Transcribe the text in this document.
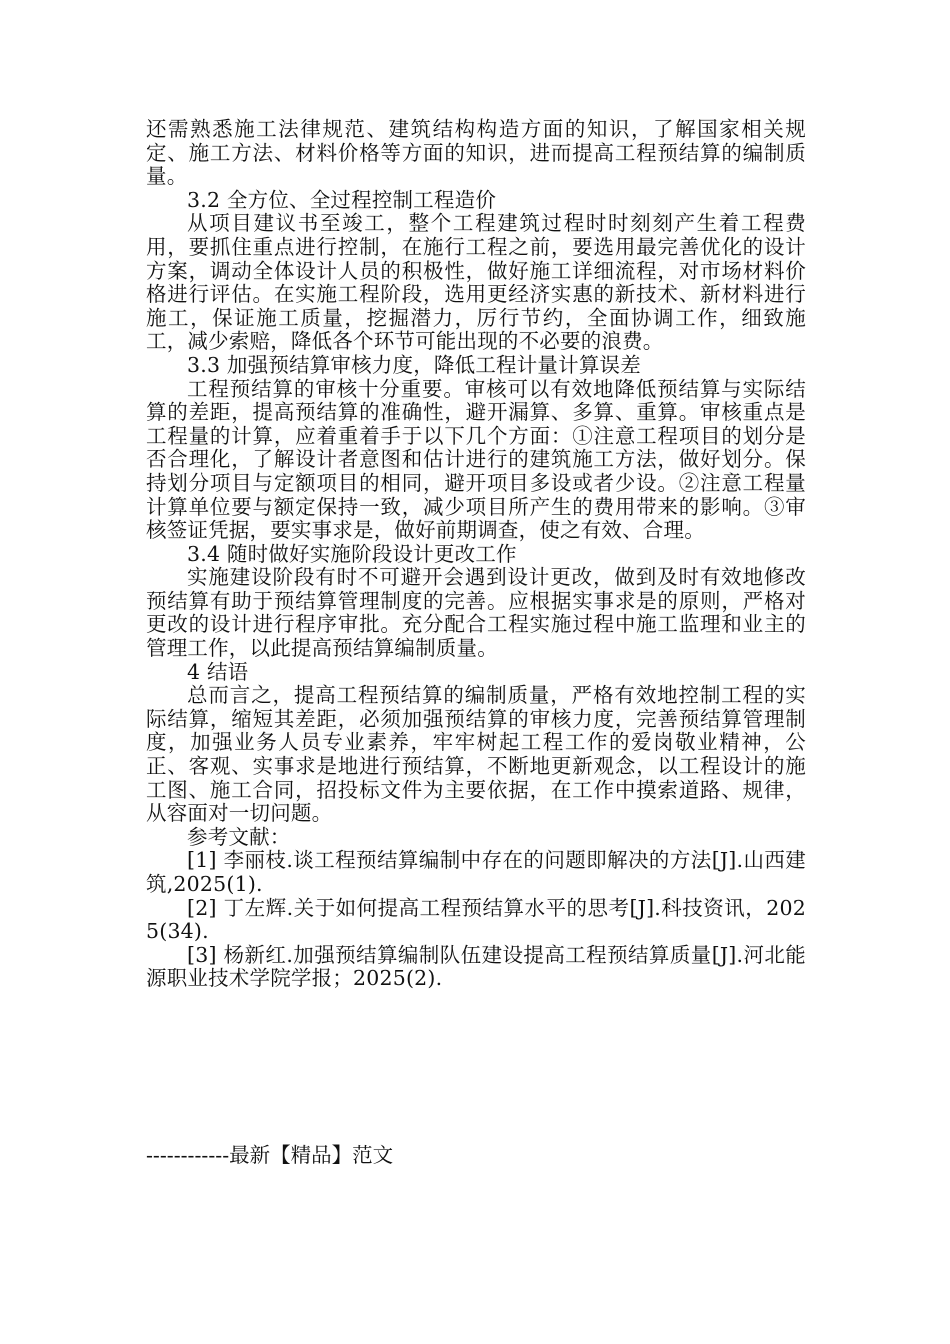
还需熟悉施工法律规范、建筑结构构造方面的知识，了解国家相关规定、施工方法、材料价格等方面的知识，进而提高工程预结算的编制质量。

3.2 全方位、全过程控制工程造价

从项目建议书至竣工，整个工程建筑过程时时刻刻产生着工程费用，要抓住重点进行控制，在施行工程之前，要选用最完善优化的设计方案，调动全体设计人员的积极性，做好施工详细流程，对市场材料价格进行评估。在实施工程阶段，选用更经济实惠的新技术、新材料进行施工，保证施工质量，挖掘潜力，厉行节约，全面协调工作，细致施工，减少索赔，降低各个环节可能出现的不必要的浪费。

3.3 加强预结算审核力度，降低工程计量计算误差

工程预结算的审核十分重要。审核可以有效地降低预结算与实际结算的差距，提高预结算的准确性，避开漏算、多算、重算。审核重点是工程量的计算，应着重着手于以下几个方面：①注意工程项目的划分是否合理化，了解设计者意图和估计进行的建筑施工方法，做好划分。保持划分项目与定额项目的相同，避开项目多设或者少设。②注意工程量计算单位要与额定保持一致，减少项目所产生的费用带来的影响。③审核签证凭据，要实事求是，做好前期调查，使之有效、合理。

3.4 随时做好实施阶段设计更改工作

实施建设阶段有时不可避开会遇到设计更改，做到及时有效地修改预结算有助于预结算管理制度的完善。应根据实事求是的原则，严格对更改的设计进行程序审批。充分配合工程实施过程中施工监理和业主的管理工作，以此提高预结算编制质量。

4 结语

总而言之，提高工程预结算的编制质量，严格有效地控制工程的实际结算，缩短其差距，必须加强预结算的审核力度，完善预结算管理制度，加强业务人员专业素养，牢牢树起工程工作的爱岗敬业精神，公正、客观、实事求是地进行预结算，不断地更新观念，以工程设计的施工图、施工合同，招投标文件为主要依据，在工作中摸索道路、规律，从容面对一切问题。

参考文献：

[1] 李丽枝.谈工程预结算编制中存在的问题即解决的方法[J].山西建筑,2025(1).

[2] 丁左辉.关于如何提高工程预结算水平的思考[J].科技资讯，2025(34).

[3] 杨新红.加强预结算编制队伍建设提高工程预结算质量[J].河北能源职业技术学院学报；2025(2).

------------最新【精品】范文
